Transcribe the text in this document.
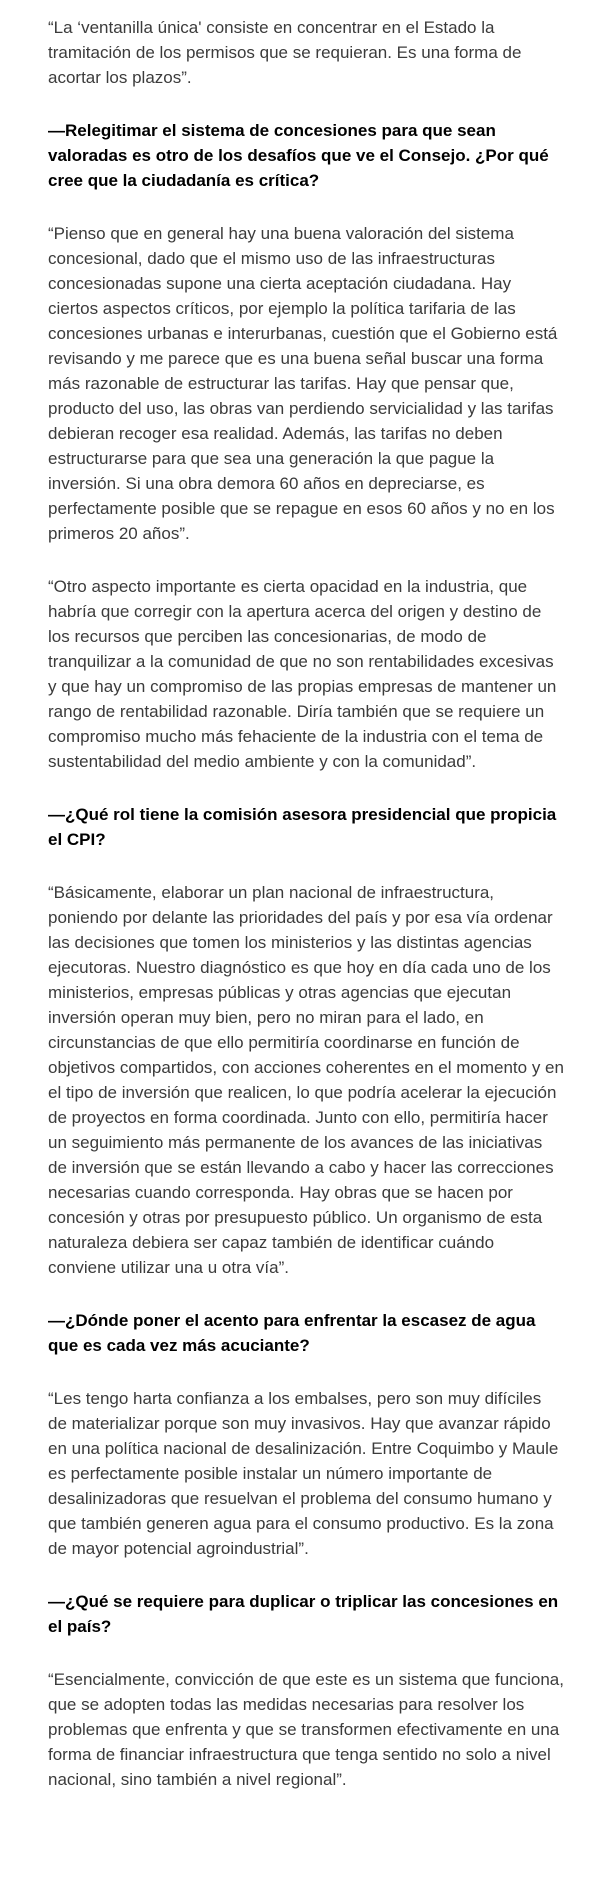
“La ‘ventanilla única' consiste en concentrar en el Estado la tramitación de los permisos que se requieran. Es una forma de acortar los plazos”.

—Relegitimar el sistema de concesiones para que sean valoradas es otro de los desafíos que ve el Consejo. ¿Por qué cree que la ciudadanía es crítica?

“Pienso que en general hay una buena valoración del sistema concesional, dado que el mismo uso de las infraestructuras concesionadas supone una cierta aceptación ciudadana. Hay ciertos aspectos críticos, por ejemplo la política tarifaria de las concesiones urbanas e interurbanas, cuestión que el Gobierno está revisando y me parece que es una buena señal buscar una forma más razonable de estructurar las tarifas. Hay que pensar que, producto del uso, las obras van perdiendo servicialidad y las tarifas debieran recoger esa realidad. Además, las tarifas no deben estructurarse para que sea una generación la que pague la inversión. Si una obra demora 60 años en depreciarse, es perfectamente posible que se repague en esos 60 años y no en los primeros 20 años”.

“Otro aspecto importante es cierta opacidad en la industria, que habría que corregir con la apertura acerca del origen y destino de los recursos que perciben las concesionarias, de modo de tranquilizar a la comunidad de que no son rentabilidades excesivas y que hay un compromiso de las propias empresas de mantener un rango de rentabilidad razonable. Diría también que se requiere un compromiso mucho más fehaciente de la industria con el tema de sustentabilidad del medio ambiente y con la comunidad”.

—¿Qué rol tiene la comisión asesora presidencial que propicia el CPI?

“Básicamente, elaborar un plan nacional de infraestructura, poniendo por delante las prioridades del país y por esa vía ordenar las decisiones que tomen los ministerios y las distintas agencias ejecutoras. Nuestro diagnóstico es que hoy en día cada uno de los ministerios, empresas públicas y otras agencias que ejecutan inversión operan muy bien, pero no miran para el lado, en circunstancias de que ello permitiría coordinarse en función de objetivos compartidos, con acciones coherentes en el momento y en el tipo de inversión que realicen, lo que podría acelerar la ejecución de proyectos en forma coordinada. Junto con ello, permitiría hacer un seguimiento más permanente de los avances de las iniciativas de inversión que se están llevando a cabo y hacer las correcciones necesarias cuando corresponda. Hay obras que se hacen por concesión y otras por presupuesto público. Un organismo de esta naturaleza debiera ser capaz también de identificar cuándo conviene utilizar una u otra vía”.

—¿Dónde poner el acento para enfrentar la escasez de agua que es cada vez más acuciante?

“Les tengo harta confianza a los embalses, pero son muy difíciles de materializar porque son muy invasivos. Hay que avanzar rápido en una política nacional de desalinización. Entre Coquimbo y Maule es perfectamente posible instalar un número importante de desalinizadoras que resuelvan el problema del consumo humano y que también generen agua para el consumo productivo. Es la zona de mayor potencial agroindustrial”.

—¿Qué se requiere para duplicar o triplicar las concesiones en el país?

“Esencialmente, convicción de que este es un sistema que funciona, que se adopten todas las medidas necesarias para resolver los problemas que enfrenta y que se transformen efectivamente en una forma de financiar infraestructura que tenga sentido no solo a nivel nacional, sino también a nivel regional”.
